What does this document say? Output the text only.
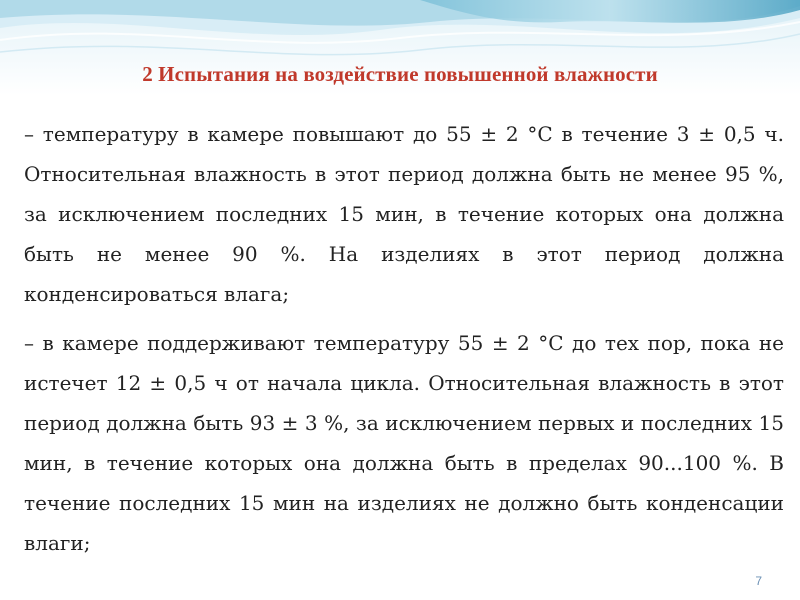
2 Испытания на воздействие повышенной влажности
– температуру в камере повышают до 55 ± 2 °С в течение 3 ± 0,5 ч. Относительная влажность в этот период должна быть не менее 95 %, за исключением последних 15 мин, в течение которых она должна быть не менее 90 %. На изделиях в этот период должна конденсироваться влага;
– в камере поддерживают температуру 55 ± 2 °С до тех пор, пока не истечет 12 ± 0,5 ч от начала цикла. Относительная влажность в этот период должна быть 93 ± 3 %, за исключением первых и последних 15 мин, в течение которых она должна быть в пределах 90...100 %. В течение последних 15 мин на изделиях не должно быть конденсации влаги;
7
